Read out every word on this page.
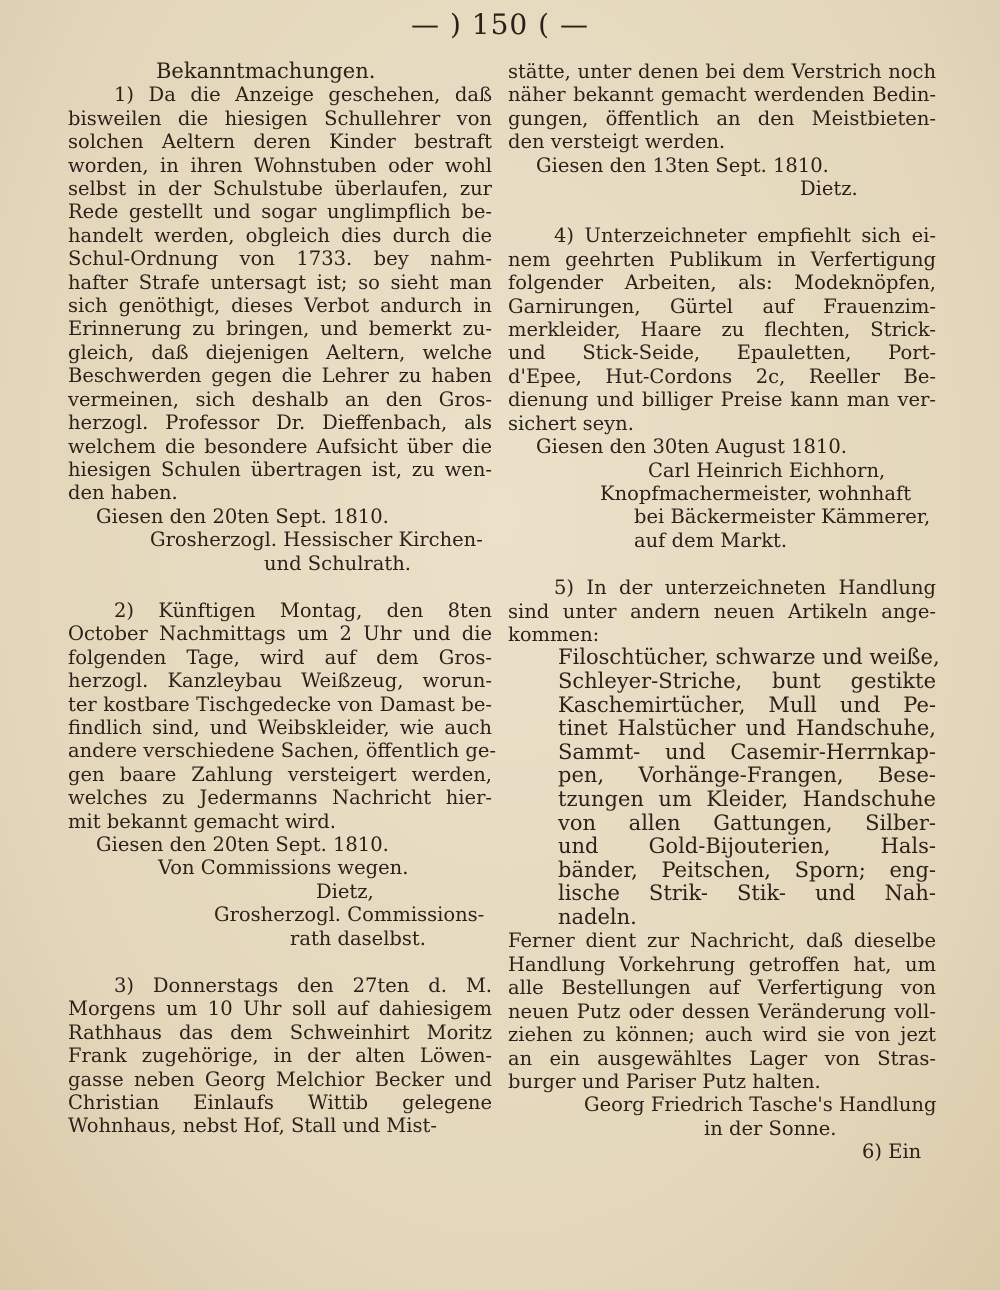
— ) 150 ( —
Bekanntmachungen.
1) Da die Anzeige geschehen, daß
bisweilen die hiesigen Schullehrer von
solchen Aeltern deren Kinder bestraft
worden, in ihren Wohnstuben oder wohl
selbst in der Schulstube überlaufen, zur
Rede gestellt und sogar unglimpflich be-
handelt werden, obgleich dies durch die
Schul-Ordnung von 1733. bey nahm-
hafter Strafe untersagt ist; so sieht man
sich genöthigt, dieses Verbot andurch in
Erinnerung zu bringen, und bemerkt zu-
gleich, daß diejenigen Aeltern, welche
Beschwerden gegen die Lehrer zu haben
vermeinen, sich deshalb an den Gros-
herzogl. Professor Dr. Dieffenbach, als
welchem die besondere Aufsicht über die
hiesigen Schulen übertragen ist, zu wen-
den haben.
Giesen den 20ten Sept. 1810.
Grosherzogl. Hessischer Kirchen-
und Schulrath.
2) Künftigen Montag, den 8ten
October Nachmittags um 2 Uhr und die
folgenden Tage, wird auf dem Gros-
herzogl. Kanzleybau Weißzeug, worun-
ter kostbare Tischgedecke von Damast be-
findlich sind, und Weibskleider, wie auch
andere verschiedene Sachen, öffentlich ge-
gen baare Zahlung versteigert werden,
welches zu Jedermanns Nachricht hier-
mit bekannt gemacht wird.
Giesen den 20ten Sept. 1810.
Von Commissions wegen.
Dietz,
Grosherzogl. Commissions-
rath daselbst.
3) Donnerstags den 27ten d. M.
Morgens um 10 Uhr soll auf dahiesigem
Rathhaus das dem Schweinhirt Moritz
Frank zugehörige, in der alten Löwen-
gasse neben Georg Melchior Becker und
Christian Einlaufs Wittib gelegene
Wohnhaus, nebst Hof, Stall und Mist-
stätte, unter denen bei dem Verstrich noch
näher bekannt gemacht werdenden Bedin-
gungen, öffentlich an den Meistbieten-
den versteigt werden.
Giesen den 13ten Sept. 1810.
Dietz.
4) Unterzeichneter empfiehlt sich ei-
nem geehrten Publikum in Verfertigung
folgender Arbeiten, als: Modeknöpfen,
Garnirungen, Gürtel auf Frauenzim-
merkleider, Haare zu flechten, Strick-
und Stick-Seide, Epauletten, Port-
d'Epee, Hut-Cordons 2c, Reeller Be-
dienung und billiger Preise kann man ver-
sichert seyn.
Giesen den 30ten August 1810.
Carl Heinrich Eichhorn,
Knopfmachermeister, wohnhaft
bei Bäckermeister Kämmerer,
auf dem Markt.
5) In der unterzeichneten Handlung
sind unter andern neuen Artikeln ange-
kommen:
Filoschtücher, schwarze und weiße,
Schleyer-Striche, bunt gestikte
Kaschemirtücher, Mull und Pe-
tinet Halstücher und Handschuhe,
Sammt- und Casemir-Herrnkap-
pen, Vorhänge-Frangen, Bese-
tzungen um Kleider, Handschuhe
von allen Gattungen, Silber-
und Gold-Bijouterien, Hals-
bänder, Peitschen, Sporn; eng-
lische Strik- Stik- und Nah-
nadeln.
Ferner dient zur Nachricht, daß dieselbe
Handlung Vorkehrung getroffen hat, um
alle Bestellungen auf Verfertigung von
neuen Putz oder dessen Veränderung voll-
ziehen zu können; auch wird sie von jezt
an ein ausgewähltes Lager von Stras-
burger und Pariser Putz halten.
Georg Friedrich Tasche's Handlung
in der Sonne.
6) Ein
